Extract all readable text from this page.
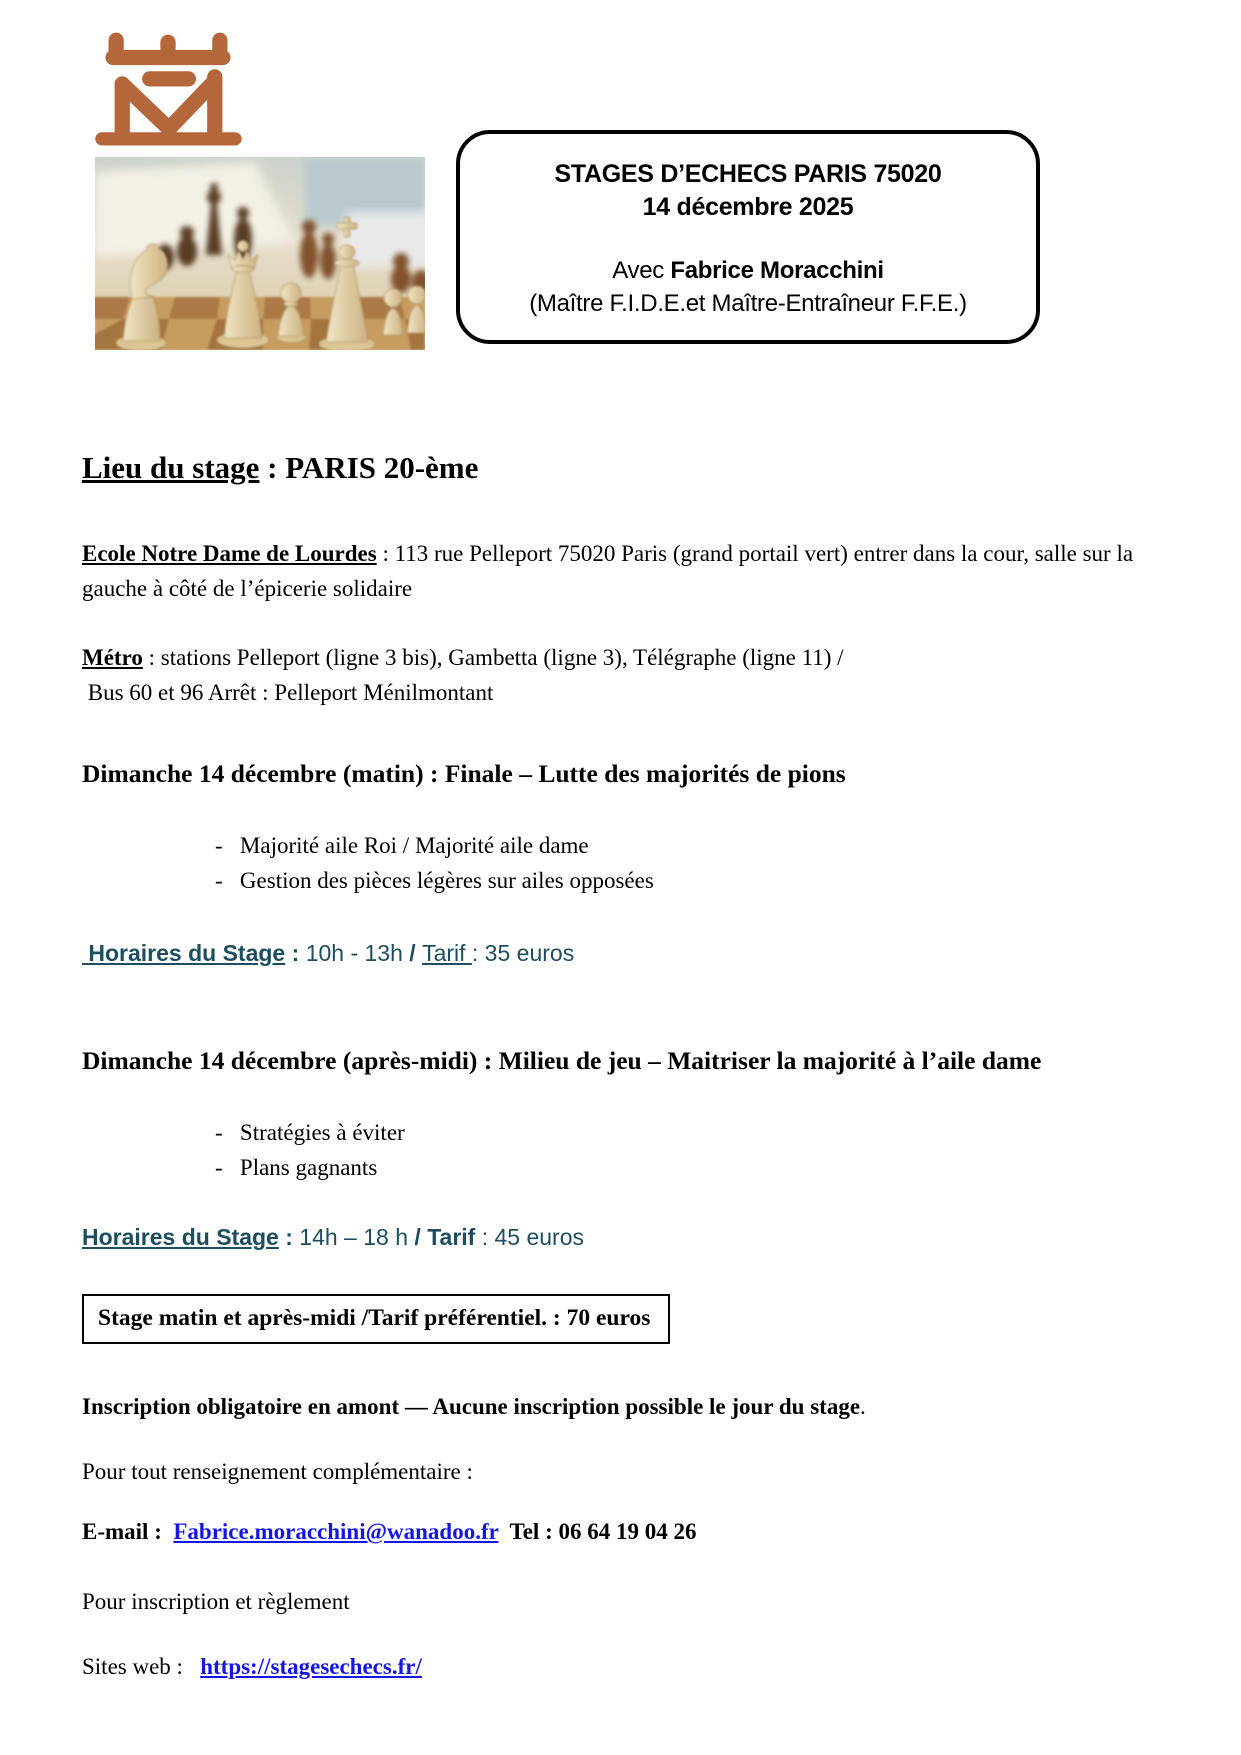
STAGES D’ECHECS PARIS 75020
14 décembre 2025
Avec Fabrice Moracchini
(Maître F.I.D.E.et Maître-Entraîneur F.F.E.)
Lieu du stage : PARIS 20-ème

Ecole Notre Dame de Lourdes : 113 rue Pelleport 75020 Paris (grand portail vert) entrer dans la cour, salle sur la gauche à côté de l’épicerie solidaire

Métro : stations Pelleport (ligne 3 bis), Gambetta (ligne 3), Télégraphe (ligne 11) /
Bus 60 et 96 Arrêt : Pelleport Ménilmontant

Dimanche 14 décembre (matin) : Finale – Lutte des majorités de pions
-   Majorité aile Roi / Majorité aile dame
-   Gestion des pièces légères sur ailes opposées

Horaires du Stage : 10h - 13h / Tarif : 35 euros

Dimanche 14 décembre (après-midi) : Milieu de jeu – Maitriser la majorité à l’aile dame
-   Stratégies à éviter
-   Plans gagnants

Horaires du Stage : 14h – 18 h / Tarif : 45 euros

Stage matin et après-midi /Tarif préférentiel. : 70 euros

Inscription obligatoire en amont — Aucune inscription possible le jour du stage.

Pour tout renseignement complémentaire :

E-mail :  Fabrice.moracchini@wanadoo.fr  Tel : 06 64 19 04 26

Pour inscription et règlement

Sites web :   https://stagesechecs.fr/
